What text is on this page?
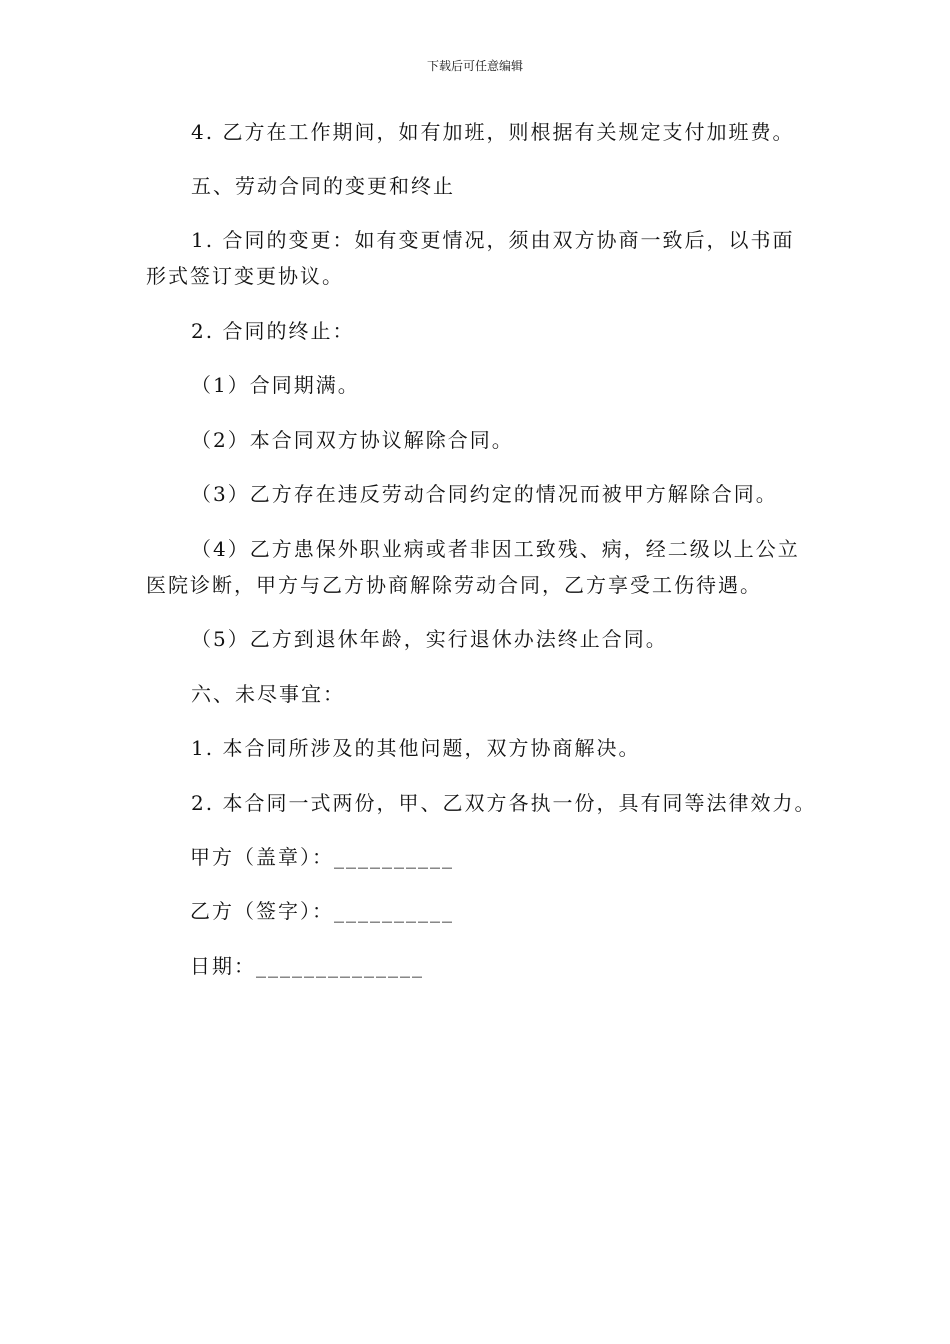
下载后可任意编辑
4. 乙方在工作期间，如有加班，则根据有关规定支付加班费。
五、劳动合同的变更和终止
1. 合同的变更：如有变更情况，须由双方协商一致后，以书面
形式签订变更协议。
2. 合同的终止：
（1）合同期满。
（2）本合同双方协议解除合同。
（3）乙方存在违反劳动合同约定的情况而被甲方解除合同。
（4）乙方患保外职业病或者非因工致残、病，经二级以上公立
医院诊断，甲方与乙方协商解除劳动合同，乙方享受工伤待遇。
（5）乙方到退休年龄，实行退休办法终止合同。
六、未尽事宜：
1. 本合同所涉及的其他问题，双方协商解决。
2. 本合同一式两份，甲、乙双方各执一份，具有同等法律效力。
甲方（盖章）：__________
乙方（签字）：__________
日期：______________
